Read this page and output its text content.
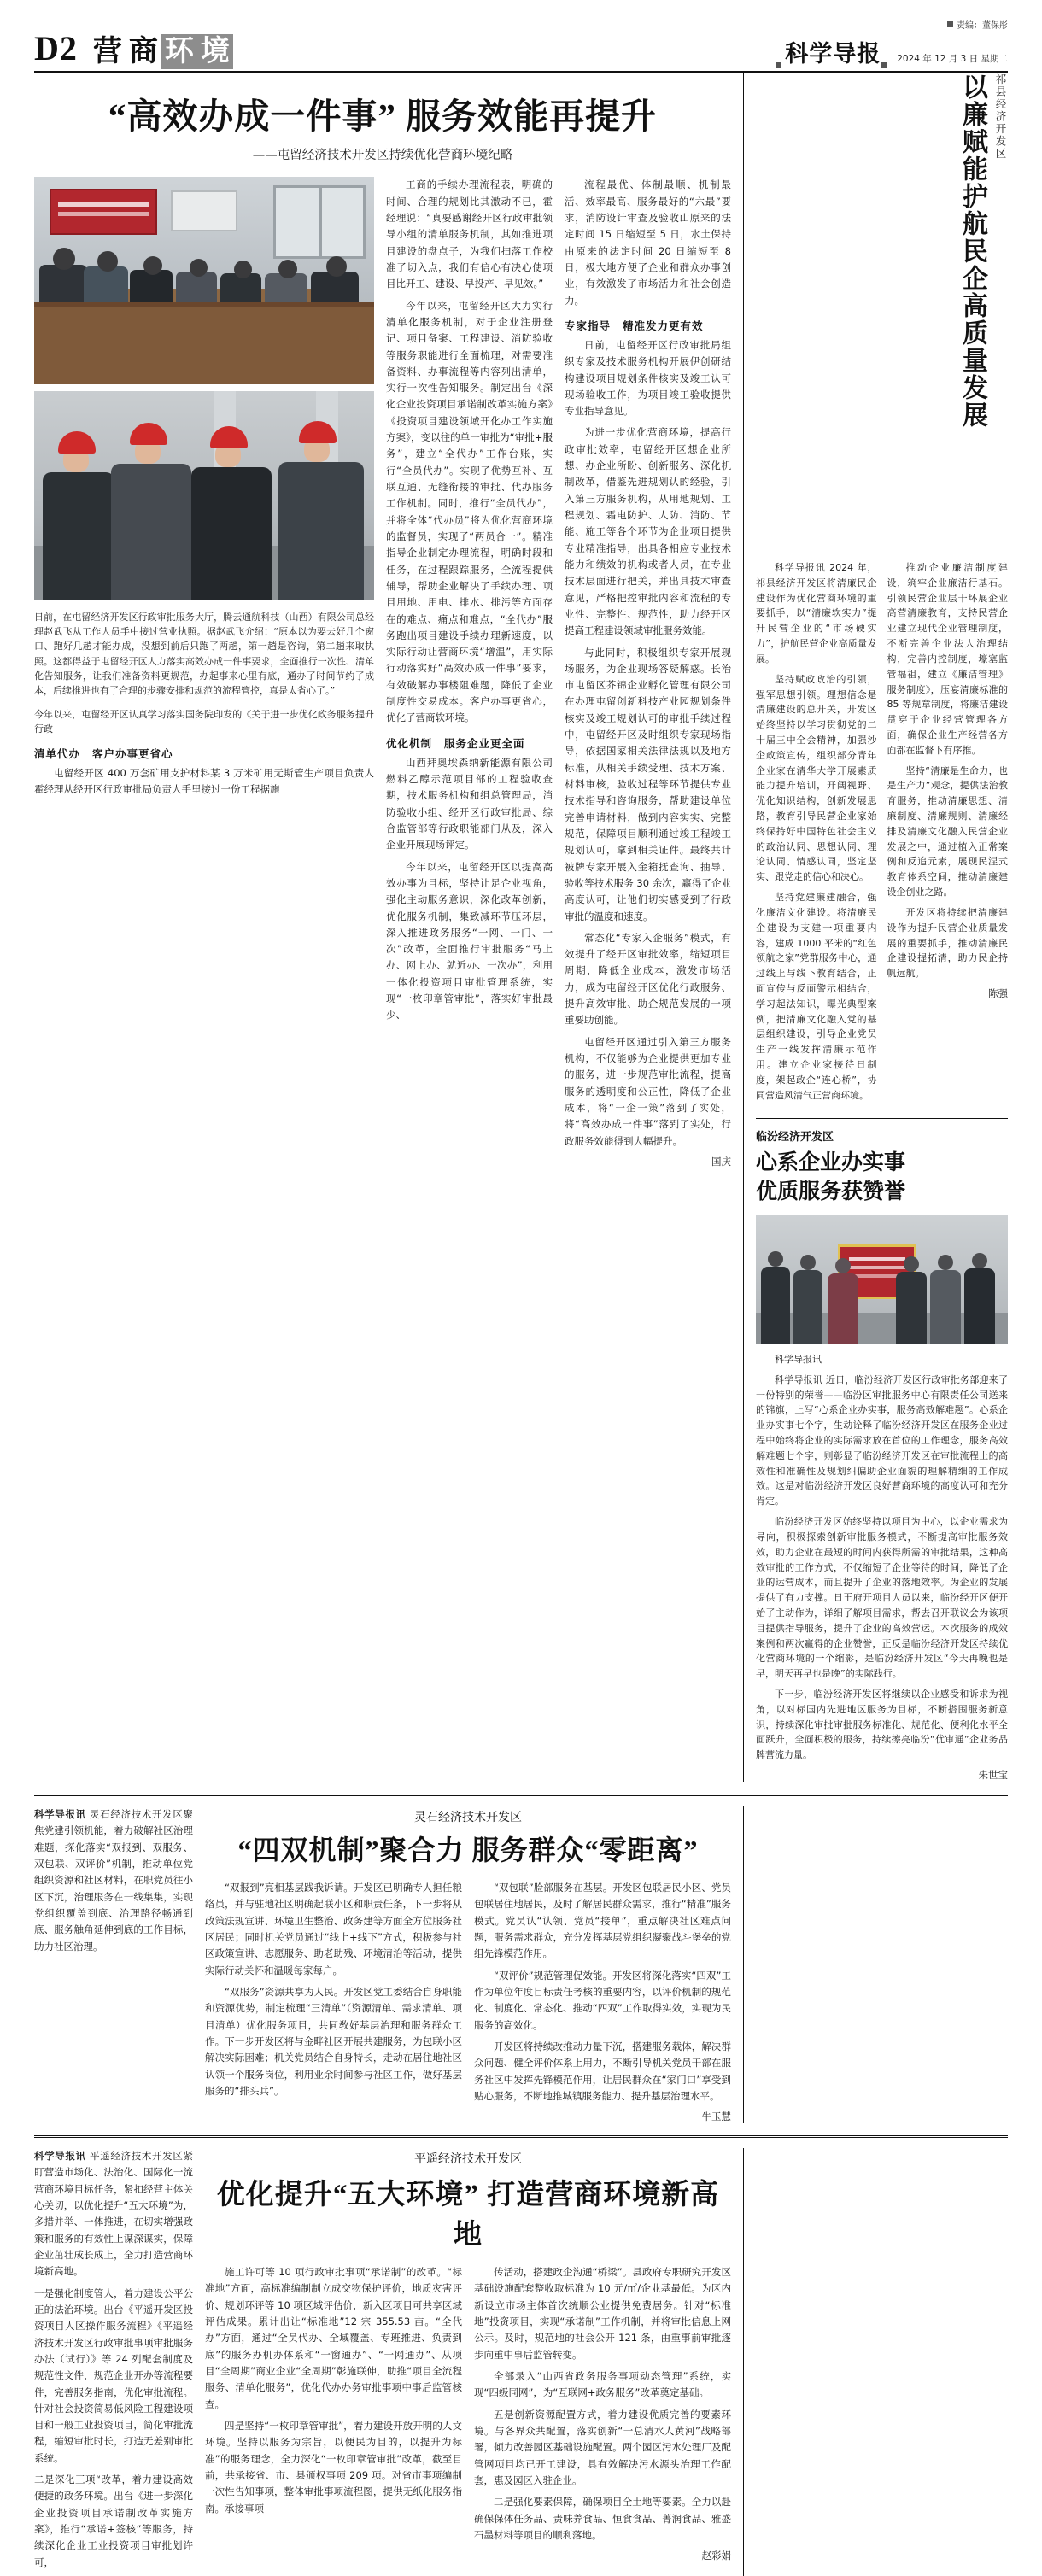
D2 营 商 环 境
责编：董保彤
科学导报 2024 年 12 月 3 日 星期二
“高效办成一件事” 服务效能再提升
——屯留经济技术开发区持续优化营商环境纪略

日前，在屯留经济开发区行政审批服务大厅，腾云通航科技（山西）有限公司总经理赵武飞从工作人员手中接过营业执照。据赵武飞介绍：“原本以为要去好几个窗口、跑好几趟才能办成，没想到前后只跑了两趟，第一趟是咨询，第二趟来取执照。这都得益于屯留经开区人力落实高效办成一件事要求，全面推行一次性、清单化告知服务，让我们准备资料更规范，办起事来心里有底，通办了时间节约了成本，后续推进也有了合理的步骤安排和规范的流程管控，真是太省心了。”

今年以来，屯留经开区认真学习落实国务院印发的《关于进一步优化政务服务提升行政

清单代办 客户办事更省心

屯留经开区 400 万套矿用支护材料某 3 万米矿用无斯管生产项目负责人霍经理从经开区行政审批局负责人手里接过一份工程据施

工商的手续办理流程表，明确的时间、合理的规划比其激动不已，霍经理说：“真要感谢经开区行政审批领导小组的清单服务机制，其如推进项目建设的盘点子，为我们扫落工作校准了切入点，我们有信心有决心使项目比开工、建设、早投产、早见效。”

今年以来，屯留经开区大力实行清单化服务机制，对于企业注册登记、项目备案、工程建设、消防验收等服务职能进行全面梳理，对需要准备资料、办事流程等内容列出清单，实行一次性告知服务。制定出台《深化企业投资项目承诺制改革实施方案》《投资项目建设领域开化办工作实施方案》，变以往的单一审批为“审批+服务”，建立“全代办”工作台账，实行“全员代办”。实现了优势互补、互联互通、无缝衔接的审批、代办服务工作机制。同时，推行“全员代办”，并将全体“代办员”将为优化营商环境的监督员，实现了“两员合一”。精准指导企业制定办理流程，明确时段和任务，在过程跟踪服务，全流程提供辅导，帮助企业解决了手续办理、项目用地、用电、排水、排污等方面存在的难点、痛点和难点，“全代办”服务跑出项目建设手续办理新速度，以实际行动让营商环境“增温”，用实际行动落实好“高效办成一件事”要求，有效破解办事楼阻难题，降低了企业制度性交易成本。客户办事更省心，优化了营商软环境。

优化机制 服务企业更全面

山西拜奥埃森纳新能源有限公司燃料乙醇示范项目部的工程验收查期，技术服务机构和组总管理局，消防验收小组、经开区行政审批局、综合监管部等行政职能部门从及，深入企业开展现场评定。

今年以来，屯留经开区以提高高效办事为目标，坚持让足企业视角，强化主动服务意识，深化改革创新，优化服务机制，集致减环节压环层，深入推进政务服务“一网、一门、一次”改革，全面推行审批服务“马上办、网上办、就近办、一次办”，利用一体化投资项目审批管理系统，实现“一枚印章管审批”，落实好审批最少、

流程最优、体制最顺、机制最活、效率最高、服务最好的“六最”要求，消防设计审查及验收山原来的法定时间 15 日缩短至 5 日，水土保持由原来的法定时间 20 日缩短至 8 日，极大地方便了企业和群众办事创业，有效激发了市场活力和社会创造力。

专家指导 精准发力更有效

日前，屯留经开区行政审批局组织专家及技术服务机构开展伊创研结构建设项目规划条件核实及竣工认可现场验收工作，为项目竣工验收提供专业指导意见。

为进一步优化营商环境，提高行政审批效率，屯留经开区想企业所想、办企业所盼、创新服务、深化机制改革，借鉴先进规划认的经验，引入第三方服务机构，从用地规划、工程规划、霜电防护、人防、消防、节能、施工等各个环节为企业项目提供专业精准指导，出具各相应专业技术能力和绩效的机构或者人员，在专业技术层面进行把关，并出具技术审查意见，严格把控审批内容和流程的专业性、完整性、规范性，助力经开区提高工程建设领域审批服务效能。

与此同时，积极组织专家开展现场服务，为企业现场答疑解惑。长治市屯留区芥锦企业孵化管理有限公司在办理屯留创新科技产业园规划条件核实及竣工规划认可的审批手续过程中，屯留经开区及时组织专家现场指导，依据国家相关法律法规以及地方标准，从相关手续受理、技术方案、材料审核，验收过程等环节提供专业技术指导和咨询服务，帮助建设单位完善申请材料，做到内容实实、完整规范，保障项目顺利通过竣工程竣工规划认可，拿到相关证件。最终共计被牌专家开展入金箱抚查询、抽导、验收等技术服务 30 余次，赢得了企业高度认可，让他们切实感受到了行政审批的温度和速度。

常态化“专家入企服务”模式，有效提升了经开区审批效率，缩短项目周期，降低企业成本，激发市场活力，成为屯留经开区优化行政服务、提升高效审批、助企规范发展的一项重要助创能。

屯留经开区通过引入第三方服务机构，不仅能够为企业提供更加专业的服务，进一步规范审批流程，提高服务的透明度和公正性，降低了企业成本，将“一企一策”落到了实处，将“高效办成一件事”落到了实处，行政服务效能得到大幅提升。

国庆
以廉赋能护航民企高质量发展 祁县经济开发区

科学导报讯 2024 年，祁县经济开发区将清廉民企建设作为优化营商环境的重要抓手，以“清廉软实力”提升民营企业的“市场硬实力”，护航民营企业高质量发展。

坚持赋政政治的引领，强军思想引领。理想信念是清廉建设的总开关，开发区始终坚持以学习贯彻党的二十届三中全会精神，加强沙企政策宣传，组织部分青年企业家在清华大学开展素质能力提升培训，开阔视野、优化知识结构，创新发展思路，教育引导民营企业家始终保持好中国特色社会主义的政治认同、思想认同、理论认同、情感认同，坚定坚实、跟党走的信心和决心。

坚持党建廉建融合，强化廉洁文化建设。将清廉民企建设为支建一项重要内容，建成 1000 平米的“红色领航之家”党群服务中心，通过线上与线下教育结合，正面宣传与反面警示相结合，学习起法知识，曝光典型案例，把清廉文化融入党的基层组织建设，引导企业党员生产一线发挥清廉示范作用。建立企业家接待日制度，架起政企“连心桥”，协同营造风清气正营商环境。

推动企业廉洁制度建设，筑牢企业廉洁行基石。引领民营企业层干坏展企业高营清廉教育，支持民营企业建立现代企业管理制度，不断完善企业法人治理结构，完善内控制度，壕塞监管福祖，建立《廉洁管理》服务制度》，压宴清廉标准的 85 等规章制度，将廉洁建设贯穿于企业经营管理各方面，确保企业生产经营各方面都在监督下有序推。

坚持“清廉是生命力，也是生产力”观念，提供法治教育服务，推动清廉思想、清廉制度、清廉规则、清廉经排及清廉文化融入民营企业发展之中，通过植入正常案例和反追元素，展现民涅式教育体系空间，推动清廉建设企创业之路。

开发区将持续把清廉建设作为提升民营企业质量发展的重要抓手，推动清廉民企建设提拓清，助力民企持帆远航。

陈强
临汾经济开发区
心系企业办实事
优质服务获赞誉

科学导报讯

科学导报讯 近日，临汾经济开发区行政审批务部迎来了一份特别的荣誉——临汾区审批服务中心有限责任公司送来的锦旗，上写“心系企业办实事，服务高效解难题”。心系企业办实事七个字，生动诠释了临汾经济开发区在服务企业过程中始终将企业的实际需求放在首位的工作理念，服务高效解难题七个字，则彰显了临汾经济开发区在审批流程上的高效性和准确性及规划纠偏助企业面貌的理解精细的工作成效。这是对临汾经济开发区良好营商环境的高度认可和充分肯定。

临汾经济开发区始终坚持以项目为中心，以企业需求为导向，积极探索创新审批服务模式，不断提高审批服务效效，助力企业在最短的时间内获得所需的审批结果，这种高效审批的工作方式，不仅缩短了企业等待的时间，降低了企业的运营成本，而且提升了企业的落地效率。为企业的发展提供了有力支撑。日王府开项目人员以来，临汾经开区便开始了主动作为，详细了解项目需求，帮去召开联议会为该项目提供指导服务，提升了企业的高效营运。本次服务的成效案例和两次赢得的企业赞誉，正反是临汾经济开发区持续优化营商环境的一个缩影，是临汾经济开发区“今天再晚也是早，明天再早也是晚”的实际践行。

下一步，临汾经济开发区将继续以企业感受和诉求为视角，以对标国内先进地区服务为目标，不断搭围服务新意识，持续深化审批审批服务标准化、规范化、便利化水平全面跃升，全面积极的服务，持续擦亮临汾“优审通”企业务品牌营流力量。

朱世宝

科学导报讯 灵石经济技术开发区聚焦党建引领机能，着力破解社区治理难题，探化落实“双报到、双服务、双包联、双评价”机制，推动单位党组织资源和社区材料，在职党员往小区下沉，治理服务在一线集集，实现党组织覆盖到底、治理路径畅通到底、服务触角延伸到底的工作目标，助力社区治理。

灵石经济技术开发区
“四双机制”聚合力 服务群众“零距离”

“双报到”亮相基层践我诉请。开发区已明确专人担任粮络员，并与驻地社区明确起联小区和职责任条，下一步将从政策法规宣讲、环境卫生整治、政务建等方面全方位服务社区居民；同时机关党员通过“线上+线下”方式，积极参与社区政策宣讲、志愿服务、助老助残、环境清治等活动，提供实际行动关怀和温暖每家每户。

“双服务”资源共享为人民。开发区党工委结合自身职能和资源优势，制定梳理“三清单”（资源清单、需求清单、项目清单）优化服务项目，共同敎好基层治理和服务群众工作。下一步开发区将与金畔社区开展共建服务，为包联小区解决实际困难；机关党员结合自身特长，走动在居住地社区认领一个服务岗位，利用业余时间参与社区工作，做好基层服务的“排头兵”。

“双包联”脸部服务在基层。开发区包联居民小区、党员包联居住地居民，及时了解居民群众需求，推行“精准”服务模式。党员认“认领、党员“接单”，重点解决社区难点问题，服务需求群众，充分发挥基层党组织凝聚战斗堡垒的党组先锋模范作用。

“双评价”规范管理促效能。开发区将深化落实“四双”工作为单位年度目标责任考核的重要内容，以评价机制的规范化、制度化、常态化、推动“四双”工作取得实效，实现为民服务的高效化。

开发区将持续改推动力量下沉，搭建服务载体，解决群众问题、健全评价体系上用力，不断引导机关党员干部在服务社区中发挥先锋模范作用，让居民群众在“家门口”享受到贴心服务，不断地推城镇服务能力、提升基层治理水平。

牛玉慧

科学导报讯 平遥经济技术开发区紧盯营造市场化、法治化、国际化一流营商环境目标任务，紧扣经营主体关心关切，以优化提升“五大环境”为，多措并举、一体推进，在切实增强政策和服务的有效性上谋深谋实，保障企业茁壮成长成上，全力打造营商环境新高地。

一是强化制度管人，着力建设公平公正的法治环境。出台《平遥开发区投资项目人区操作服务流程》《平遥经济技术开发区行政审批事项审批服务办法（试行）》等 24 列配套制度及规范性文件，规范企业开办等流程要件，完善服务指南，优化审批流程。针对社会投资简易低风险工程建设项目和一般工业投资项目，简化审批流程，缩短审批时长，打造无差别审批系统。

二是深化三项“改革，着力建设高效便捷的政务环境。出台《进一步深化企业投资项目承诺制改革实施方案》，推行“承诺+签核”等服务，持续深化企业工业投资项目审批划许可，

平遥经济技术开发区
优化提升“五大环境” 打造营商环境新高地

施工许可等 10 项行政审批事项“承诺制”的改革。“标准地”方面，高标准编制制立成交物保护评价，地质灾害评价、规划环评等 10 项区域评估价，新入区项目可共享区域评估成果。累计出让“标准地”12 宗 355.53 亩。“全代办”方面，通过“全员代办、全域覆盖、专班推进、负责到底”的服务办机办体系和“一窗通办”、“一网通办”、从项目“全周期”商业企业“全周期”彰施联伸，助推“项目全流程服务、清单化服务”，优化代办办务审批事项中事后监管核查。

四是坚持“一枚印章管审批”，着力建设开放开明的人文环境。坚持以服务为宗旨，以便民为目的，以提升为标准”的服务理念，全力深化“一枚印章管审批”改革，截至目前，共承接省、市、县颁权事项 209 项。对省市事项编制一次性告知事项，整体审批事项流程图，提供无纸化服务指南。承接事项

传活动，搭建政企沟通“桥梁”。县政府专职研究开发区基础设施配套整收取标准为 10 元/㎡/企业基最低。为区内新设立市场主体首次统顺公业提供免费居务。针对“标准地”投资项目，实现“承诺制”工作机制，并将审批信息上网公示。及时，规范地的社会公开 121 条，由重事前审批逐步向重中事后监管转变。

全部录入“山西省政务服务事项动态管理”系统，实现“四级同网”，为“互联网+政务服务”改革奠定基础。

五是创新资源配置方式，着力建设优质完善的要素环境。与各界众共配置，落实创新“一总清水人黄河”战略部署，倾力改善园区基础设施配置。两个园区污水处理厂及配管网项目均已开工建设，具有效解决污水源头治理工作配套，惠及园区入驻企业。

二是强化要素保障，确保项目全土地等要素。全力以赴确保保体任务品、责味养食品、恒食食品、菁润食品、雅盛石墨材料等项目的顺利落地。

赵彩娟
